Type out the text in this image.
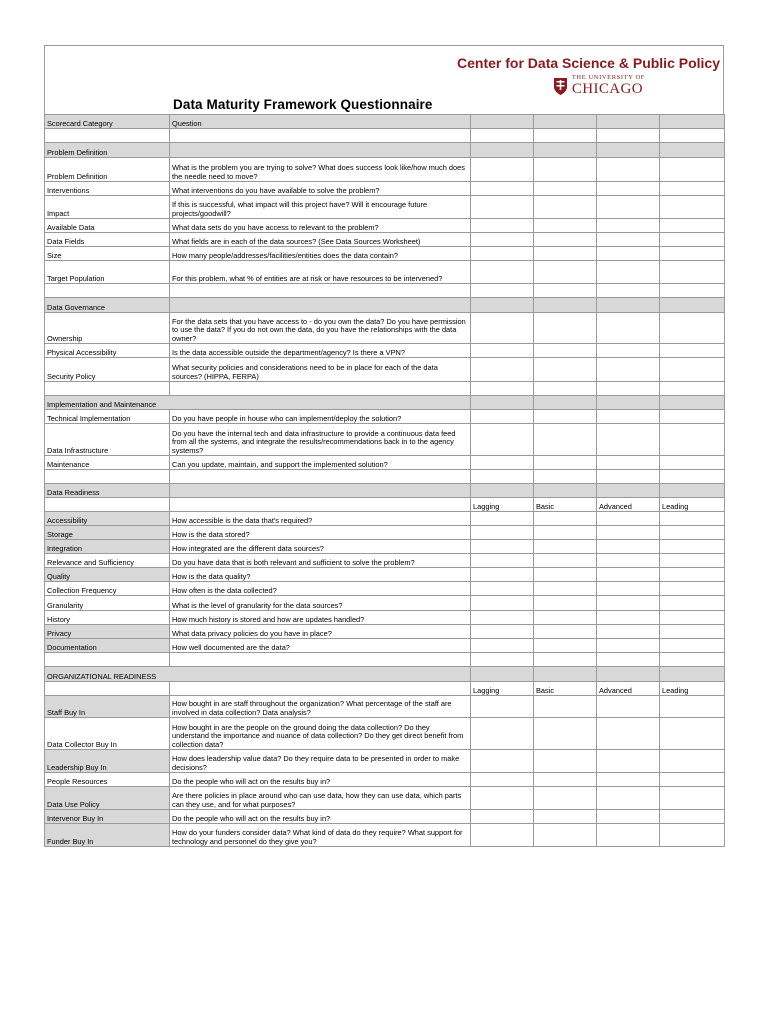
Data Maturity Framework Questionnaire
Center for Data Science & Public Policy
THE UNIVERSITY OF
CHICAGO
Scorecard Category	Question				

Problem Definition					
Problem Definition	What is the problem you are trying to solve? What does success look like/how much does the needle need to move?				
Interventions	What interventions do you have available to solve the problem?				
Impact	If this is successful, what impact will this project have? Will it encourage future projects/goodwill?				
Available Data	What data sets do you have access to relevant to the problem?				
Data Fields	What fields are in each of the data sources? (See Data Sources Worksheet)				
Size	How many people/addresses/facilities/entities does the data contain?				
Target Population	For this problem, what % of entities are at risk or have resources to be intervened?				

Data Governance					
Ownership	For the data sets that you have access to - do you own the data? Do you have permission to use the data? If you do not own the data, do you have the relationships with the data owner?				
Physical Accessibility	Is the data accessible outside the department/agency? Is there a VPN?				
Security Policy	What security policies and considerations need to be in place for each of the data sources? (HIPPA, FERPA)				

Implementation and Maintenance					
Technical Implementation	Do you have people in house who can implement/deploy the solution?				
Data Infrastructure	Do you have the internal tech and data infrastructure to provide a continuous data feed from all the systems, and integrate the results/recommendations back in to the agency systems?				
Maintenance	Can you update, maintain, and support the implemented solution?				

Data Readiness					
		Lagging	Basic	Advanced	Leading
Accessibility	How accessible is the data that's required?				
Storage	How is the data stored?				
Integration	How integrated are the different data sources?				
Relevance and Sufficiency	Do you have data that is both relevant and sufficient to solve the problem?				
Quality	How is the data quality?				
Collection Frequency	How often is the data collected?				
Granularity	What is the level of granularity for the data sources?				
History	How much history is stored and how are updates handled?				
Privacy	What data privacy policies do you have in place?				
Documentation	How well documented are the data?				

ORGANIZATIONAL READINESS					
		Lagging	Basic	Advanced	Leading
Staff Buy In	How bought in are staff throughout the organization? What percentage of the staff are involved in data collection? Data analysis?				
Data Collector Buy In	How bought in are the people on the ground doing the data collection? Do they understand the importance and nuance of data collection? Do they get direct benefit from collection data?				
Leadership Buy In	How does leadership value data? Do they require data to be presented in order to make decisions?				
People Resources	Do the people who will act on the results buy in?				
Data Use Policy	Are there policies in place around who can use data, how they can use data, which parts can they use, and for what purposes?				
Intervenor Buy In	Do the people who will act on the results buy in?				
Funder Buy In	How do your funders consider data? What kind of data do they require? What support for technology and personnel do they give you?				
